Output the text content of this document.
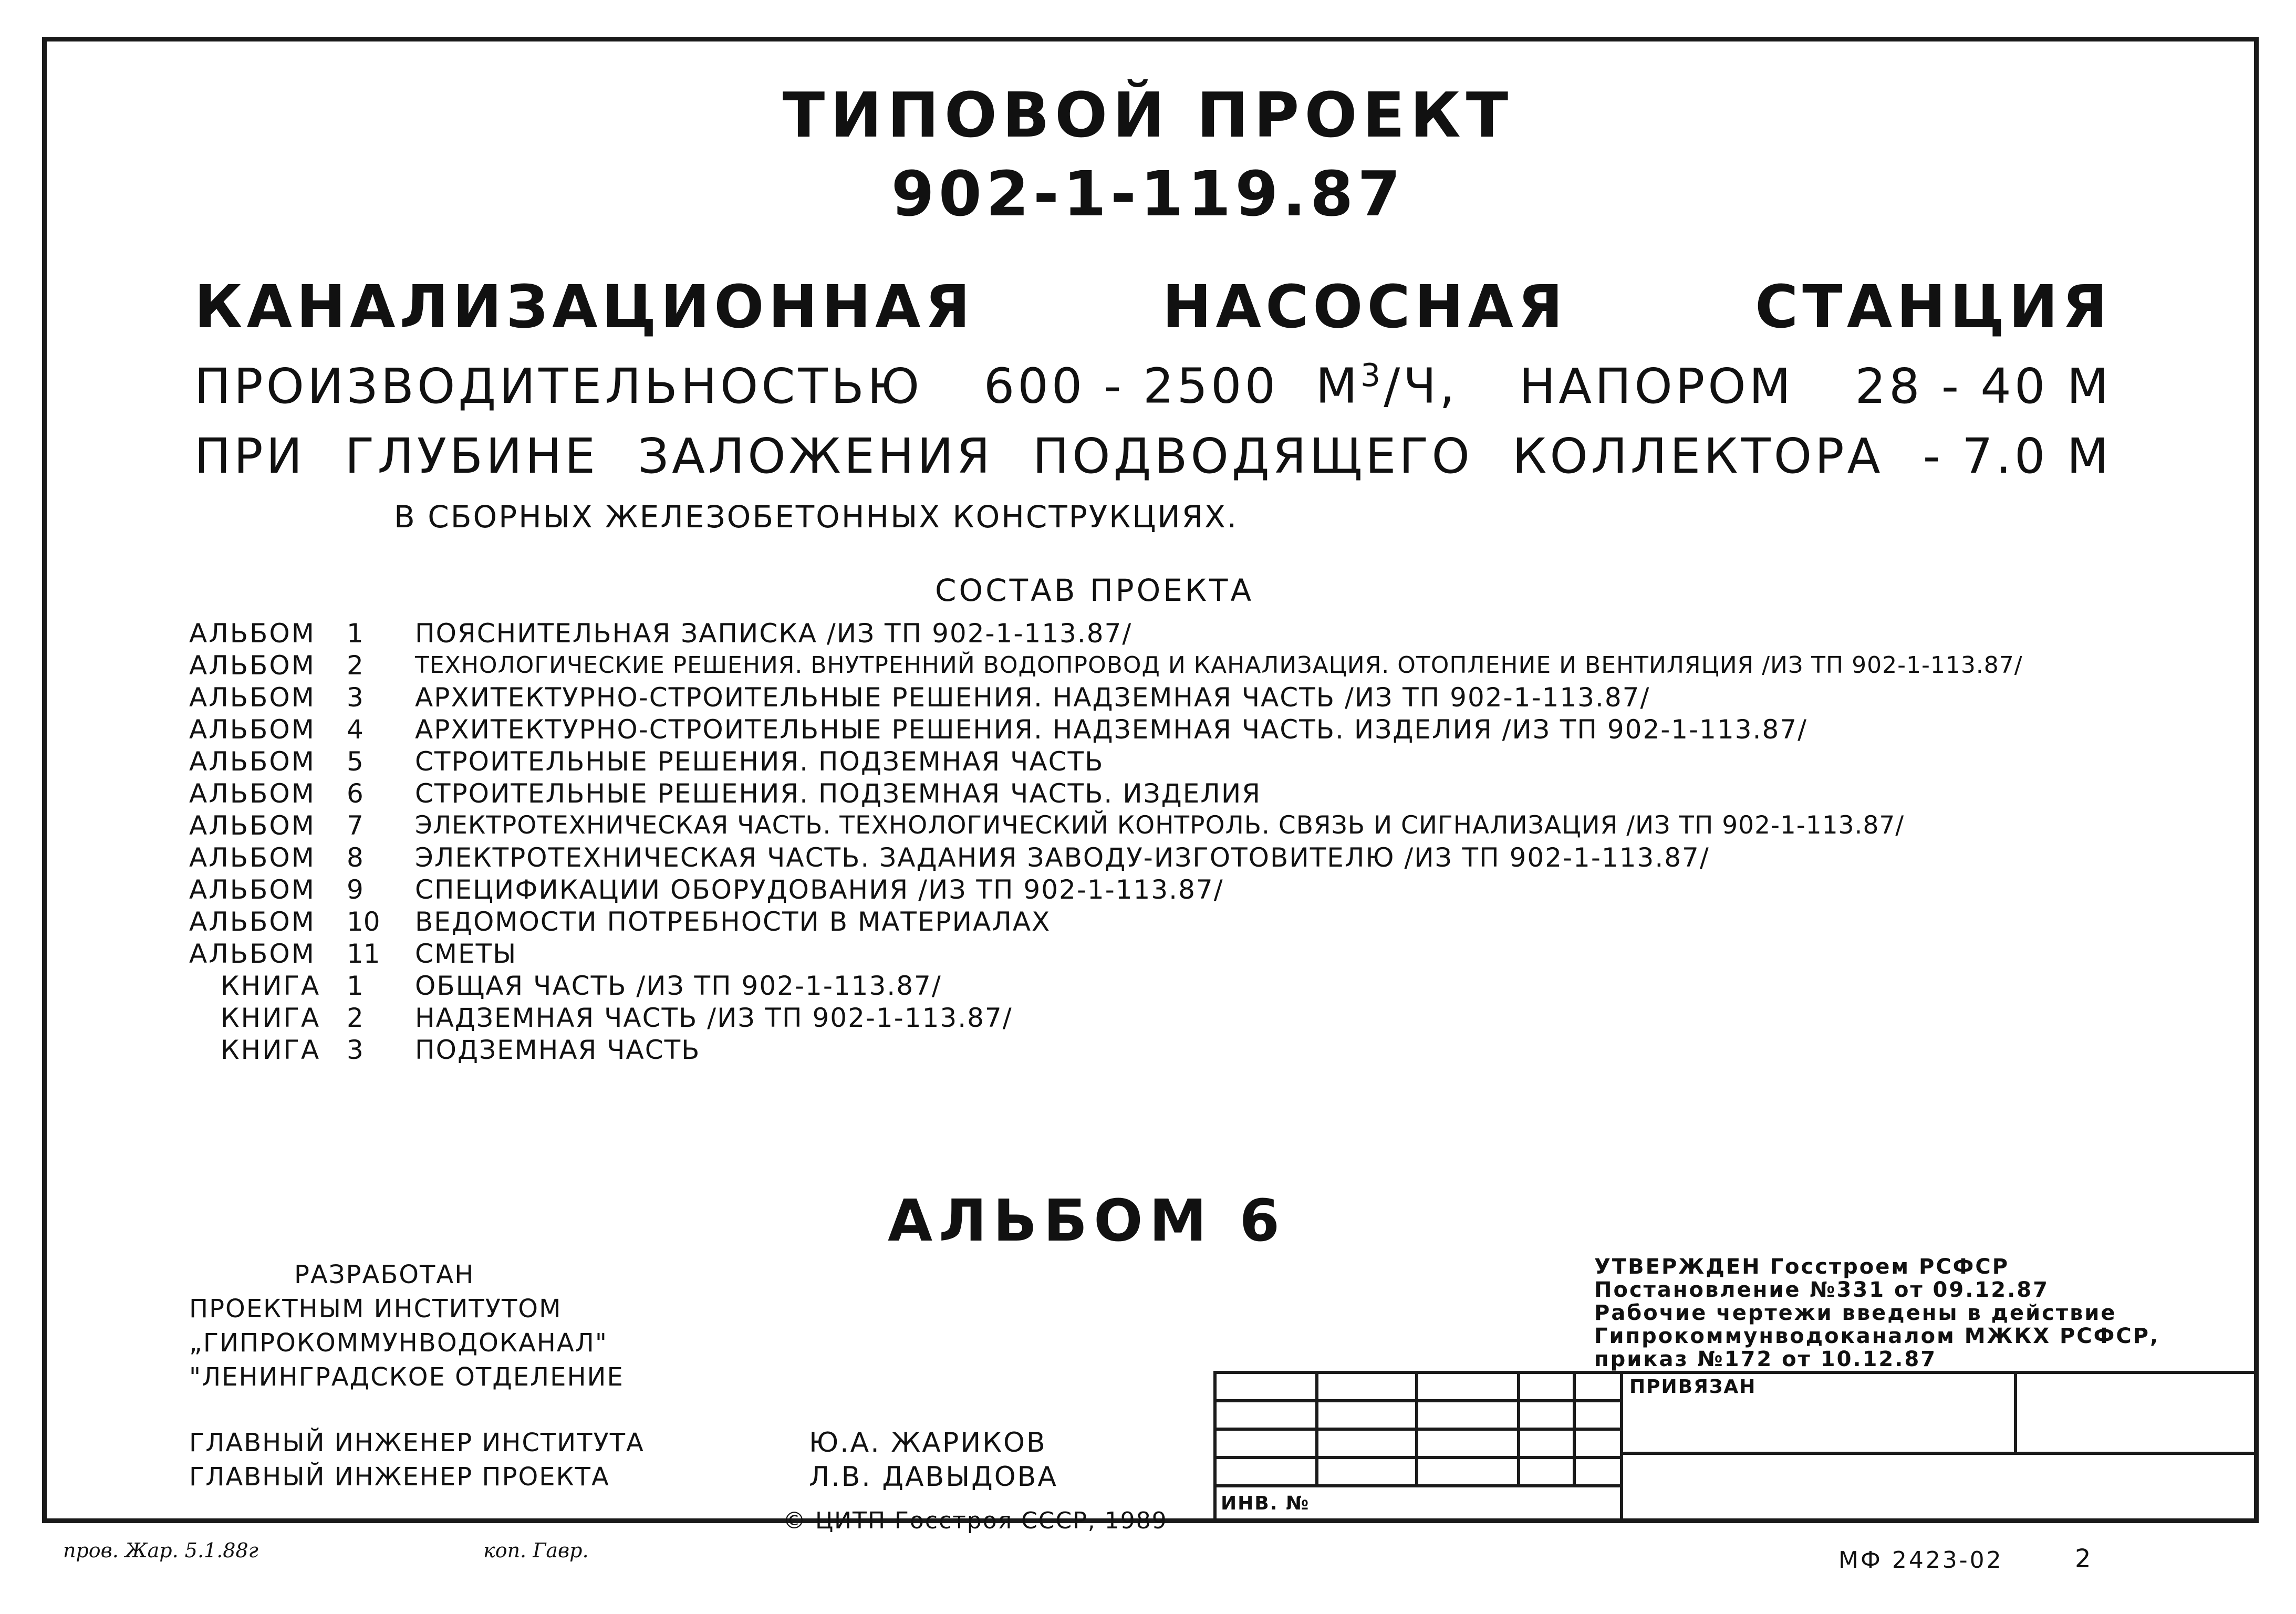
ТИПОВОЙ ПРОЕКТ
902-1-119.87
КАНАЛИЗАЦИОННАЯ	НАСОСНАЯ	СТАНЦИЯ
ПРОИЗВОДИТЕЛЬНОСТЬЮ 600 - 2500 $М^3/Ч$, НАПОРОМ 28 - 40 М
ПРИ ГЛУБИНЕ ЗАЛОЖЕНИЯ ПОДВОДЯЩЕГО КОЛЛЕКТОРА - 7.0 М
В СБОРНЫХ ЖЕЛЕЗОБЕТОННЫХ КОНСТРУКЦИЯХ.
СОСТАВ ПРОЕКТА
АЛЬБОМ	1	ПОЯСНИТЕЛЬНАЯ ЗАПИСКА /ИЗ ТП 902-1-113.87/
АЛЬБОМ	2	ТЕХНОЛОГИЧЕСКИЕ РЕШЕНИЯ. ВНУТРЕННИЙ ВОДОПРОВОД И КАНАЛИЗАЦИЯ. ОТОПЛЕНИЕ И ВЕНТИЛЯЦИЯ /ИЗ ТП 902-1-113.87/
АЛЬБОМ	3	АРХИТЕКТУРНО-СТРОИТЕЛЬНЫЕ РЕШЕНИЯ. НАДЗЕМНАЯ ЧАСТЬ /ИЗ ТП 902-1-113.87/
АЛЬБОМ	4	АРХИТЕКТУРНО-СТРОИТЕЛЬНЫЕ РЕШЕНИЯ. НАДЗЕМНАЯ ЧАСТЬ. ИЗДЕЛИЯ /ИЗ ТП 902-1-113.87/
АЛЬБОМ	5	СТРОИТЕЛЬНЫЕ РЕШЕНИЯ. ПОДЗЕМНАЯ ЧАСТЬ
АЛЬБОМ	6	СТРОИТЕЛЬНЫЕ РЕШЕНИЯ. ПОДЗЕМНАЯ ЧАСТЬ. ИЗДЕЛИЯ
АЛЬБОМ	7	ЭЛЕКТРОТЕХНИЧЕСКАЯ ЧАСТЬ. ТЕХНОЛОГИЧЕСКИЙ КОНТРОЛЬ. СВЯЗЬ И СИГНАЛИЗАЦИЯ /ИЗ ТП 902-1-113.87/
АЛЬБОМ	8	ЭЛЕКТРОТЕХНИЧЕСКАЯ ЧАСТЬ. ЗАДАНИЯ ЗАВОДУ-ИЗГОТОВИТЕЛЮ /ИЗ ТП 902-1-113.87/
АЛЬБОМ	9	СПЕЦИФИКАЦИИ ОБОРУДОВАНИЯ /ИЗ ТП 902-1-113.87/
АЛЬБОМ	10	ВЕДОМОСТИ ПОТРЕБНОСТИ В МАТЕРИАЛАХ
АЛЬБОМ	11	СМЕТЫ
КНИГА 1	ОБЩАЯ ЧАСТЬ /ИЗ ТП 902-1-113.87/
КНИГА 2	НАДЗЕМНАЯ ЧАСТЬ /ИЗ ТП 902-1-113.87/
КНИГА 3	ПОДЗЕМНАЯ ЧАСТЬ
АЛЬБОМ 6
РАЗРАБОТАН
ПРОЕКТНЫМ ИНСТИТУТОМ
„ГИПРОКОММУНВОДОКАНАЛ"
"ЛЕНИНГРАДСКОЕ ОТДЕЛЕНИЕ
ГЛАВНЫЙ ИНЖЕНЕР ИНСТИТУТА
ГЛАВНЫЙ ИНЖЕНЕР ПРОЕКТА
Ю.А. ЖАРИКОВ
Л.В. ДАВЫДОВА
© ЦИТП Госстроя СССР, 1989
УТВЕРЖДЕН Госстроем РСФСР
Постановление №331 от 09.12.87
Рабочие чертежи введены в действие
Гипрокоммунводоканалом МЖКХ РСФСР,
приказ №172 от 10.12.87
ПРИВЯЗАН
ИНВ. №
пров. Жар. 5.1.88г	коп. Гавр.	МФ 2423-02	2
